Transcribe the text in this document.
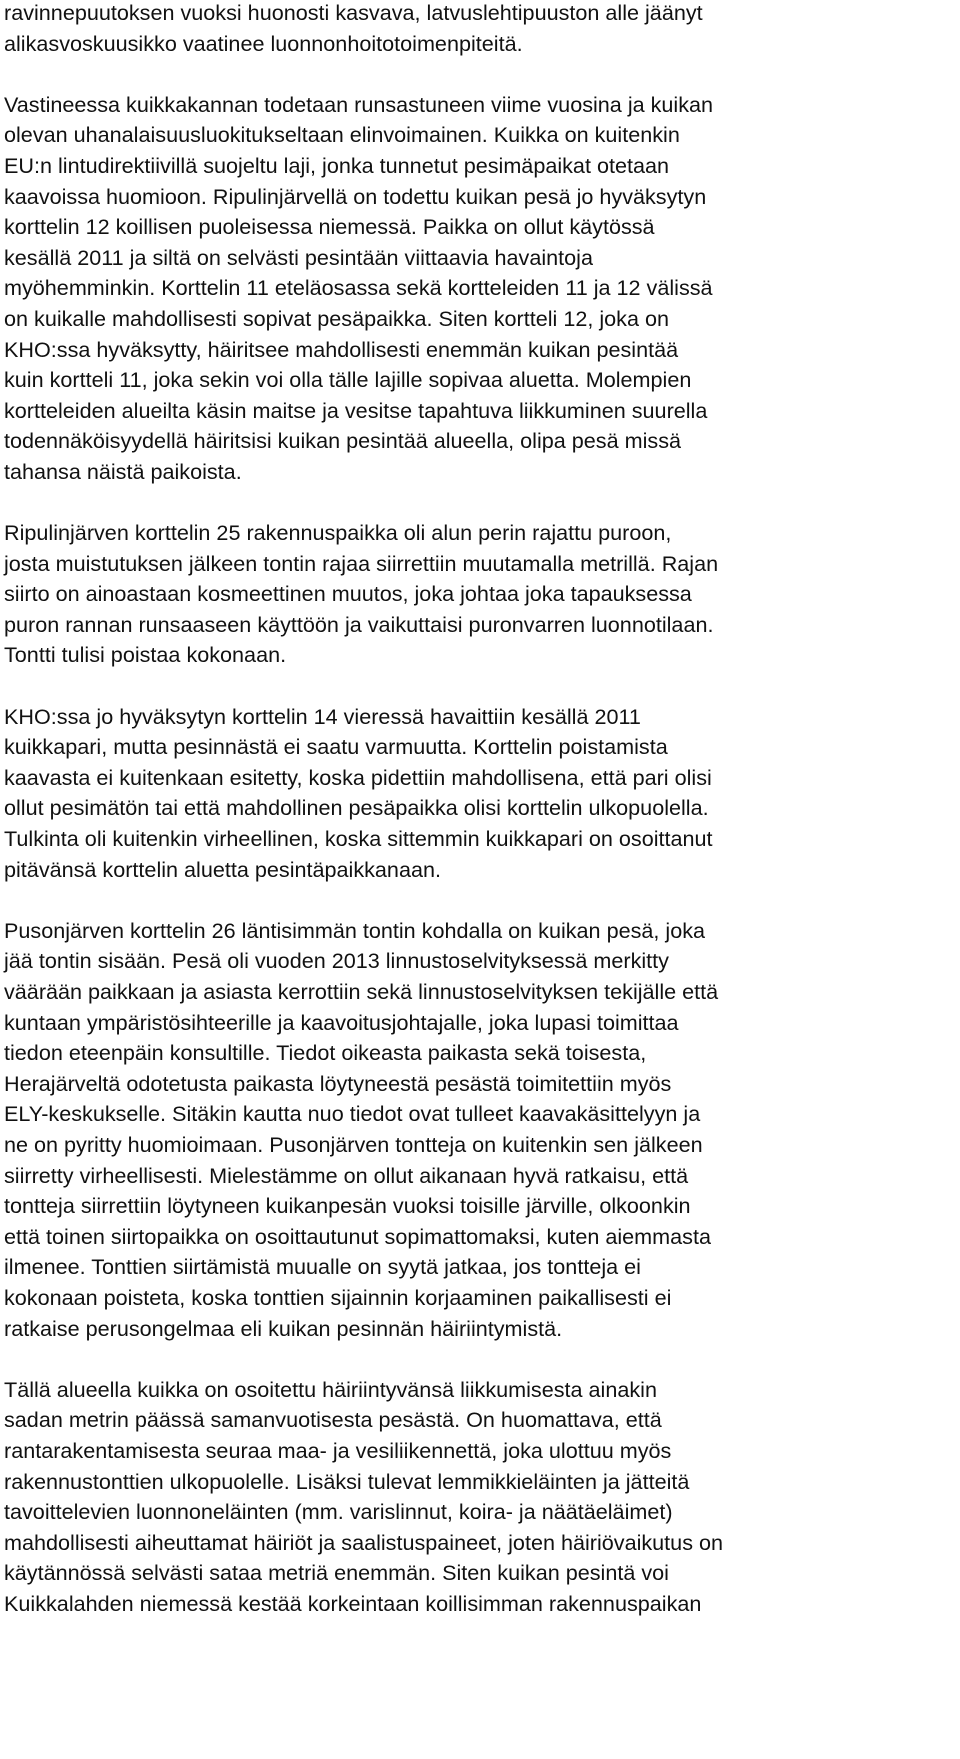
ravinnepuutoksen vuoksi huonosti kasvava, latvuslehtipuuston alle jäänyt
alikasvoskuusikko vaatinee luonnonhoitotoimenpiteitä.
Vastineessa kuikkakannan todetaan runsastuneen viime vuosina ja kuikan
olevan uhanalaisuusluokitukseltaan elinvoimainen. Kuikka on kuitenkin
EU:n lintudirektiivillä suojeltu laji, jonka tunnetut pesimäpaikat otetaan
kaavoissa huomioon. Ripulinjärvellä on todettu kuikan pesä jo hyväksytyn
korttelin 12 koillisen puoleisessa niemessä. Paikka on ollut käytössä
kesällä 2011 ja siltä on selvästi pesintään viittaavia havaintoja
myöhemminkin. Korttelin 11 eteläosassa sekä kortteleiden 11 ja 12 välissä
on kuikalle mahdollisesti sopivat pesäpaikka. Siten kortteli 12, joka on
KHO:ssa hyväksytty, häiritsee mahdollisesti enemmän kuikan pesintää
kuin kortteli 11, joka sekin voi olla tälle lajille sopivaa aluetta. Molempien
kortteleiden alueilta käsin maitse ja vesitse tapahtuva liikkuminen suurella
todennäköisyydellä häiritsisi kuikan pesintää alueella, olipa pesä missä
tahansa näistä paikoista.
Ripulinjärven korttelin 25 rakennuspaikka oli alun perin rajattu puroon,
josta muistutuksen jälkeen tontin rajaa siirrettiin muutamalla metrillä. Rajan
siirto on ainoastaan kosmeettinen muutos, joka johtaa joka tapauksessa
puron rannan runsaaseen käyttöön ja vaikuttaisi puronvarren luonnotilaan.
Tontti tulisi poistaa kokonaan.
KHO:ssa jo hyväksytyn korttelin 14 vieressä havaittiin kesällä 2011
kuikkapari, mutta pesinnästä ei saatu varmuutta. Korttelin poistamista
kaavasta ei kuitenkaan esitetty, koska pidettiin mahdollisena, että pari olisi
ollut pesimätön tai että mahdollinen pesäpaikka olisi korttelin ulkopuolella.
Tulkinta oli kuitenkin virheellinen, koska sittemmin kuikkapari on osoittanut
pitävänsä korttelin aluetta pesintäpaikkanaan.
Pusonjärven korttelin 26 läntisimmän tontin kohdalla on kuikan pesä, joka
jää tontin sisään. Pesä oli vuoden 2013 linnustoselvityksessä merkitty
väärään paikkaan ja asiasta kerrottiin sekä linnustoselvityksen tekijälle että
kuntaan ympäristösihteerille ja kaavoitusjohtajalle, joka lupasi toimittaa
tiedon eteenpäin konsultille. Tiedot oikeasta paikasta sekä toisesta,
Herajärveltä odotetusta paikasta löytyneestä pesästä toimitettiin myös
ELY-keskukselle. Sitäkin kautta nuo tiedot ovat tulleet kaavakäsittelyyn ja
ne on pyritty huomioimaan. Pusonjärven tontteja on kuitenkin sen jälkeen
siirretty virheellisesti. Mielestämme on ollut aikanaan hyvä ratkaisu, että
tontteja siirrettiin löytyneen kuikanpesän vuoksi toisille järville, olkoonkin
että toinen siirtopaikka on osoittautunut sopimattomaksi, kuten aiemmasta
ilmenee. Tonttien siirtämistä muualle on syytä jatkaa, jos tontteja ei
kokonaan poisteta, koska tonttien sijainnin korjaaminen paikallisesti ei
ratkaise perusongelmaa eli kuikan pesinnän häiriintymistä.
Tällä alueella kuikka on osoitettu häiriintyvänsä liikkumisesta ainakin
sadan metrin päässä samanvuotisesta pesästä. On huomattava, että
rantarakentamisesta seuraa maa- ja vesiliikennettä, joka ulottuu myös
rakennustonttien ulkopuolelle. Lisäksi tulevat lemmikkieläinten ja jätteitä
tavoittelevien luonnoneläinten (mm. varislinnut, koira- ja näätäeläimet)
mahdollisesti aiheuttamat häiriöt ja saalistuspaineet, joten häiriövaikutus on
käytännössä selvästi sataa metriä enemmän. Siten kuikan pesintä voi
Kuikkalahden niemessä kestää korkeintaan koillisimman rakennuspaikan
